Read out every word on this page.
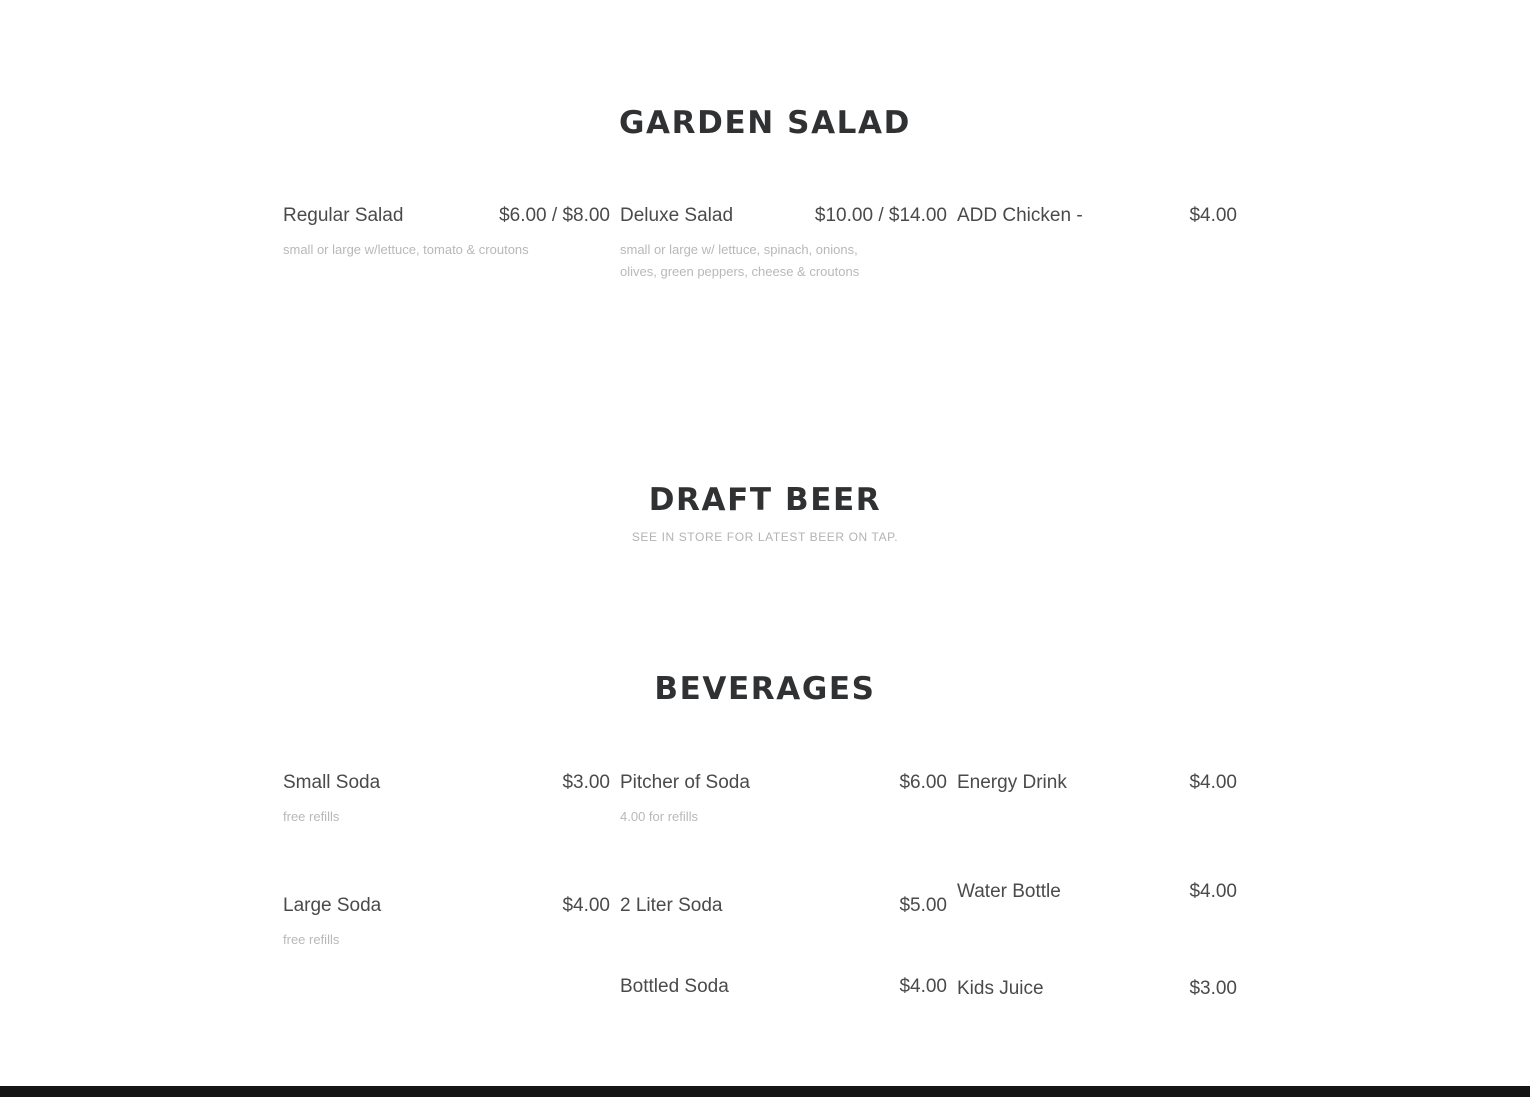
GARDEN SALAD
Regular Salad	$6.00 / $8.00
small or large w/lettuce, tomato & croutons
Deluxe Salad	$10.00 / $14.00
small or large w/ lettuce, spinach, onions, olives, green peppers, cheese & croutons
ADD Chicken -	$4.00
DRAFT BEER
SEE IN STORE FOR LATEST BEER ON TAP.
BEVERAGES
Small Soda	$3.00
free refills
Large Soda	$4.00
free refills
Pitcher of Soda	$6.00
4.00 for refills
2 Liter Soda	$5.00
Bottled Soda	$4.00
Energy Drink	$4.00
Water Bottle	$4.00
Kids Juice	$3.00
